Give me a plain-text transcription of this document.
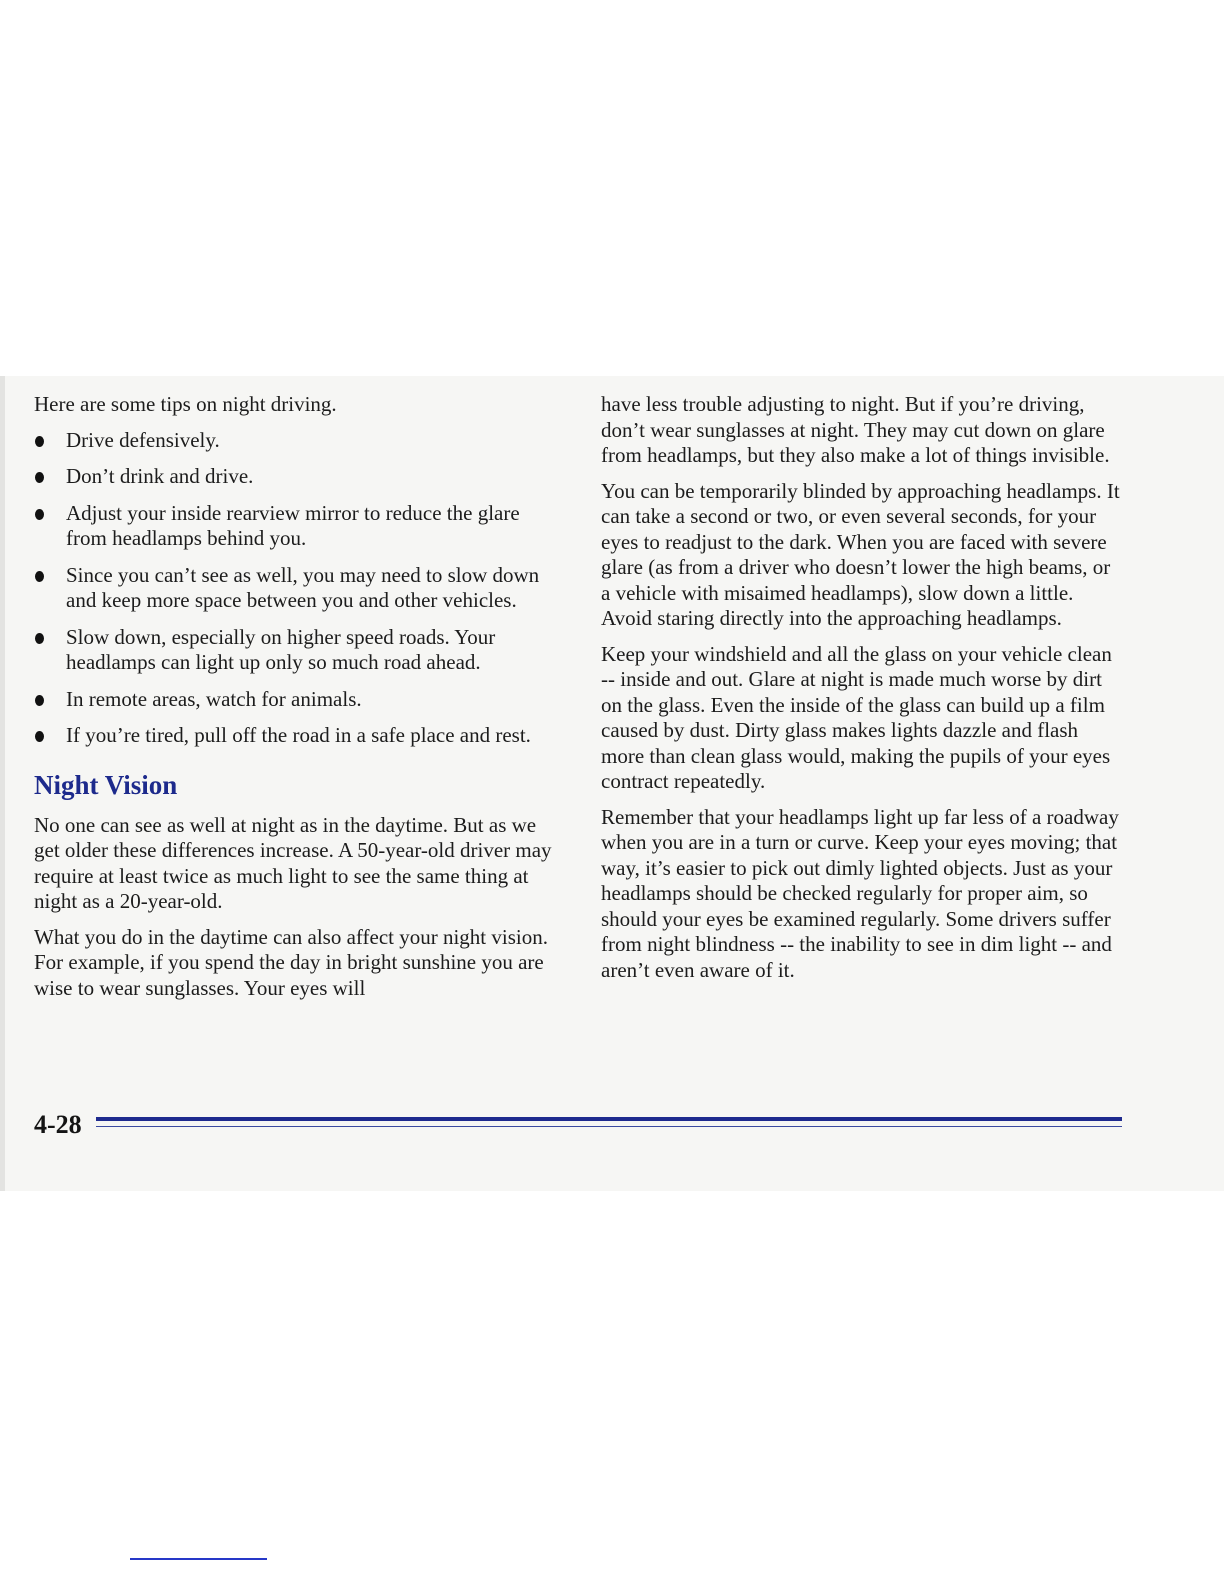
Here are some tips on night driving.

Drive defensively.
Don’t drink and drive.
Adjust your inside rearview mirror to reduce the glare from headlamps behind you.
Since you can’t see as well, you may need to slow down and keep more space between you and other vehicles.
Slow down, especially on higher speed roads. Your headlamps can light up only so much road ahead.
In remote areas, watch for animals.
If you’re tired, pull off the road in a safe place and rest.
Night Vision

No one can see as well at night as in the daytime. But as we get older these differences increase. A 50-year-old driver may require at least twice as much light to see the same thing at night as a 20-year-old.

What you do in the daytime can also affect your night vision. For example, if you spend the day in bright sunshine you are wise to wear sunglasses. Your eyes will

have less trouble adjusting to night. But if you’re driving, don’t wear sunglasses at night. They may cut down on glare from headlamps, but they also make a lot of things invisible.

You can be temporarily blinded by approaching headlamps. It can take a second or two, or even several seconds, for your eyes to readjust to the dark. When you are faced with severe glare (as from a driver who doesn’t lower the high beams, or a vehicle with misaimed headlamps), slow down a little. Avoid staring directly into the approaching headlamps.

Keep your windshield and all the glass on your vehicle clean -- inside and out. Glare at night is made much worse by dirt on the glass. Even the inside of the glass can build up a film caused by dust. Dirty glass makes lights dazzle and flash more than clean glass would, making the pupils of your eyes contract repeatedly.

Remember that your headlamps light up far less of a roadway when you are in a turn or curve. Keep your eyes moving; that way, it’s easier to pick out dimly lighted objects. Just as your headlamps should be checked regularly for proper aim, so should your eyes be examined regularly. Some drivers suffer from night blindness -- the inability to see in dim light -- and aren’t even aware of it.

4-28
